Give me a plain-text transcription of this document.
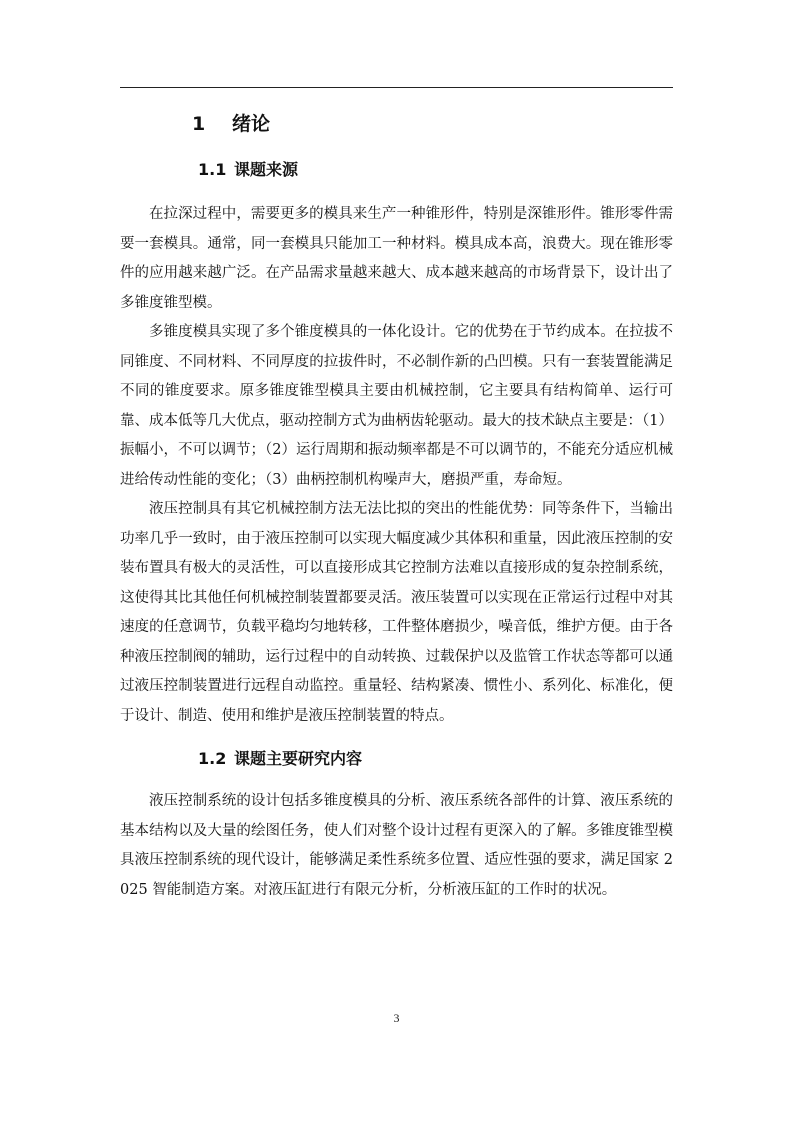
1 绪论
1.1 课题来源

在拉深过程中，需要更多的模具来生产一种锥形件，特别是深锥形件。锥形零件需要一套模具。通常，同一套模具只能加工一种材料。模具成本高，浪费大。现在锥形零件的应用越来越广泛。在产品需求量越来越大、成本越来越高的市场背景下，设计出了多锥度锥型模。

多锥度模具实现了多个锥度模具的一体化设计。它的优势在于节约成本。在拉拔不同锥度、不同材料、不同厚度的拉拔件时，不必制作新的凸凹模。只有一套装置能满足不同的锥度要求。原多锥度锥型模具主要由机械控制，它主要具有结构简单、运行可靠、成本低等几大优点，驱动控制方式为曲柄齿轮驱动。最大的技术缺点主要是：（1）振幅小，不可以调节；（2）运行周期和振动频率都是不可以调节的，不能充分适应机械进给传动性能的变化；（3）曲柄控制机构噪声大，磨损严重，寿命短。

液压控制具有其它机械控制方法无法比拟的突出的性能优势：同等条件下，当输出功率几乎一致时，由于液压控制可以实现大幅度减少其体积和重量，因此液压控制的安装布置具有极大的灵活性，可以直接形成其它控制方法难以直接形成的复杂控制系统，这使得其比其他任何机械控制装置都要灵活。液压装置可以实现在正常运行过程中对其速度的任意调节，负载平稳均匀地转移，工件整体磨损少，噪音低，维护方便。由于各种液压控制阀的辅助，运行过程中的自动转换、过载保护以及监管工作状态等都可以通过液压控制装置进行远程自动监控。重量轻、结构紧凑、惯性小、系列化、标准化，便于设计、制造、使用和维护是液压控制装置的特点。

1.2 课题主要研究内容

液压控制系统的设计包括多锥度模具的分析、液压系统各部件的计算、液压系统的基本结构以及大量的绘图任务，使人们对整个设计过程有更深入的了解。多锥度锥型模具液压控制系统的现代设计，能够满足柔性系统多位置、适应性强的要求，满足国家 2025 智能制造方案。对液压缸进行有限元分析，分析液压缸的工作时的状况。

3
